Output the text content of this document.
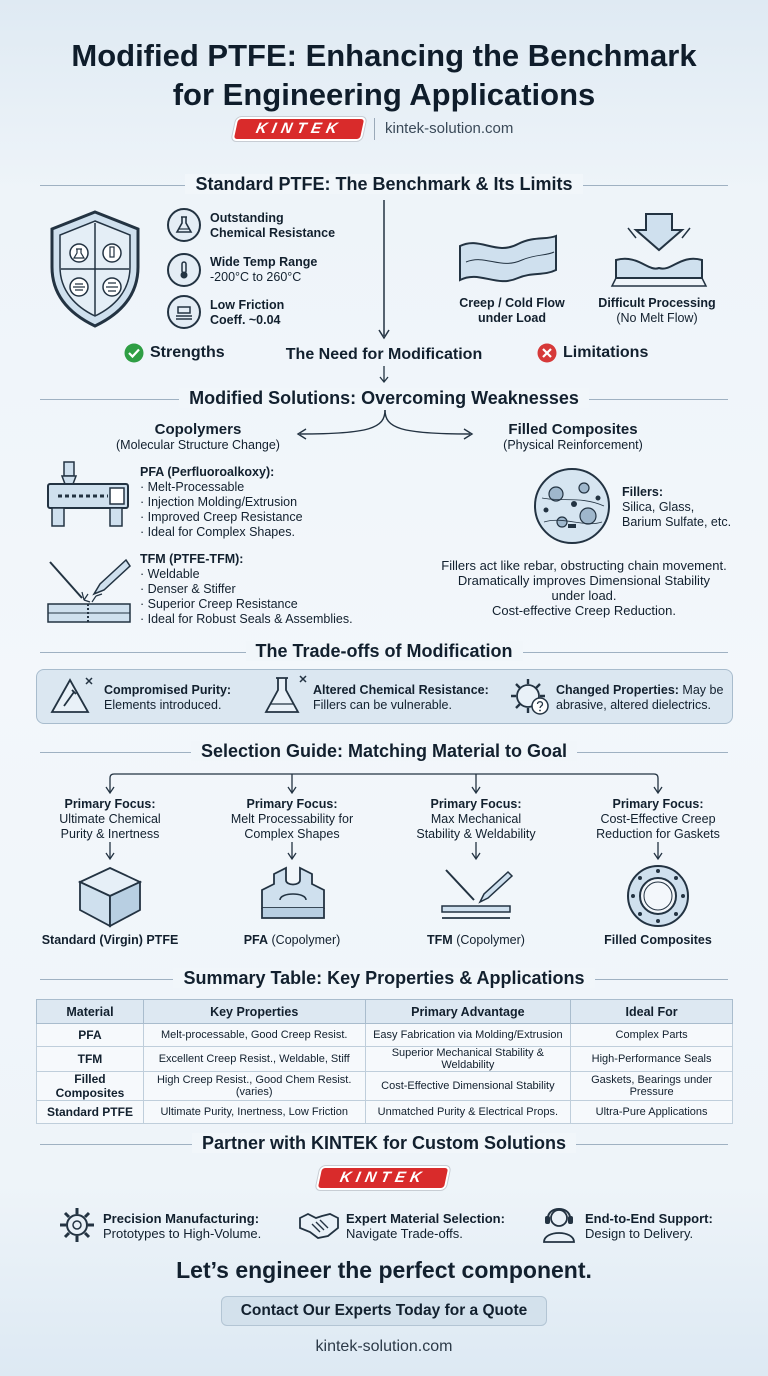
Modified PTFE: Enhancing the Benchmark
for Engineering Applications
KINTEK	kintek-solution.com
Standard PTFE: The Benchmark & Its Limits
Outstanding
Chemical Resistance
Wide Temp Range
-200°C to 260°C
Low Friction
Coeff. ~0.04
Creep / Cold Flow
under Load
Difficult Processing
(No Melt Flow)
Strengths	The Need for Modification	Limitations
Modified Solutions: Overcoming Weaknesses
Copolymers
(Molecular Structure Change)
Filled Composites
(Physical Reinforcement)
PFA (Perfluoroalkoxy):
· Melt-Processable
· Injection Molding/Extrusion
· Improved Creep Resistance
· Ideal for Complex Shapes.
TFM (PTFE-TFM):
· Weldable
· Denser & Stiffer
· Superior Creep Resistance
· Ideal for Robust Seals & Assemblies.
Fillers:
Silica, Glass,
Barium Sulfate, etc.
Fillers act like rebar, obstructing chain movement.
Dramatically improves Dimensional Stability
under load.
Cost-effective Creep Reduction.
The Trade-offs of Modification
Compromised Purity:
Elements introduced.
Altered Chemical Resistance:
Fillers can be vulnerable.
Changed Properties: May be
abrasive, altered dielectrics.
Selection Guide: Matching Material to Goal
Primary Focus:
Ultimate Chemical
Purity & Inertness
Primary Focus:
Melt Processability for
Complex Shapes
Primary Focus:
Max Mechanical
Stability & Weldability
Primary Focus:
Cost-Effective Creep
Reduction for Gaskets
Standard (Virgin) PTFE	PFA (Copolymer)	TFM (Copolymer)	Filled Composites
Summary Table: Key Properties & Applications
Material	Key Properties	Primary Advantage	Ideal For
PFA	Melt-processable, Good Creep Resist.	Easy Fabrication via Molding/Extrusion	Complex Parts
TFM	Excellent Creep Resist., Weldable, Stiff	Superior Mechanical Stability & Weldability	High-Performance Seals
Filled Composites	High Creep Resist., Good Chem Resist. (varies)	Cost-Effective Dimensional Stability	Gaskets, Bearings under Pressure
Standard PTFE	Ultimate Purity, Inertness, Low Friction	Unmatched Purity & Electrical Props.	Ultra-Pure Applications
Partner with KINTEK for Custom Solutions
KINTEK
Precision Manufacturing:
Prototypes to High-Volume.
Expert Material Selection:
Navigate Trade-offs.
End-to-End Support:
Design to Delivery.
Let’s engineer the perfect component.
Contact Our Experts Today for a Quote
kintek-solution.com
